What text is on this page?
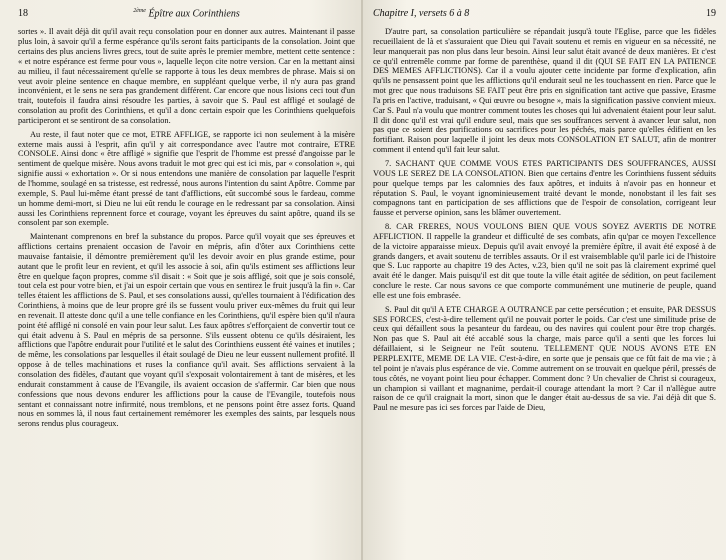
18	$^{2ème}$ Épître aux Corinthiens

sortes ». Il avait déjà dit qu'il avait reçu consolation pour en donner aux autres. Maintenant il passe plus loin, à savoir qu'il a ferme espérance qu'ils seront faits participants de la consolation. Joint que certains des plus anciens livres grecs, tout de suite après le premier membre, mettent cette sentence : « et notre espérance est ferme pour vous », laquelle leçon cite notre version. Car en la mettant ainsi au milieu, il faut nécessairement qu'elle se rapporte à tous les deux membres de phrase. Mais si on veut avoir pleine sentence en chaque membre, en suppléant quelque verbe, il n'y aura pas grand inconvénient, et le sens ne sera pas grandement différent. Car encore que nous lisions ceci tout d'un trait, toutefois il faudra ainsi résoudre les parties, à savoir que S. Paul est affligé et soulagé de consolation au profit des Corinthiens, et qu'il a donc certain espoir que les Corinthiens quelquefois participeront et se sentiront de sa consolation.

Au reste, il faut noter que ce mot, ETRE AFFLIGE, se rapporte ici non seulement à la misère externe mais aussi à l'esprit, afin qu'il y ait correspondance avec l'autre mot contraire, ETRE CONSOLE. Ainsi donc « être affligé » signifie que l'esprit de l'homme est pressé d'angoisse par le sentiment de quelque misère. Nous avons traduit le mot grec qui est ici mis, par « consolation », qui signifie aussi « exhortation ». Or si nous entendons une manière de consolation par laquelle l'esprit de l'homme, soulagé en sa tristesse, est redressé, nous aurons l'intention du saint Apôtre. Comme par exemple, S. Paul lui-même étant pressé de tant d'afflictions, eût succombé sous le fardeau, comme un homme demi-mort, si Dieu ne lui eût rendu le courage en le redressant par sa consolation. Ainsi aussi les Corinthiens reprennent force et courage, voyant les épreuves du saint apôtre, quand ils se consolent par son exemple.

Maintenant comprenons en bref la substance du propos. Parce qu'il voyait que ses épreuves et afflictions certains prenaient occasion de l'avoir en mépris, afin d'ôter aux Corinthiens cette mauvaise fantaisie, il démontre premièrement qu'il les devoir avoir en plus grande estime, pour autant que le profit leur en revient, et qu'il les associe à soi, afin qu'ils estiment ses afflictions leur être en quelque façon propres, comme s'il disait : « Soit que je sois affligé, soit que je sois consolé, tout cela est pour votre bien, et j'ai un espoir certain que vous en sentirez le fruit jusqu'à la fin ». Car telles étaient les afflictions de S. Paul, et ses consolations aussi, qu'elles tournaient à l'édification des Corinthiens, à moins que de leur propre gré ils se fussent voulu priver eux-mêmes du fruit qui leur en revenait. Il atteste donc qu'il a une telle confiance en les Corinthiens, qu'il espère bien qu'il n'aura point été affligé ni consolé en vain pour leur salut. Les faux apôtres s'efforçaient de convertir tout ce qui était advenu à S. Paul en mépris de sa personne. S'ils eussent obtenu ce qu'ils désiraient, les afflictions que l'apôtre endurait pour l'utilité et le salut des Corinthiens eussent été vaines et inutiles ; de même, les consolations par lesquelles il était soulagé de Dieu ne leur eussent nullement profité. Il oppose à de telles machinations et ruses la confiance qu'il avait. Ses afflictions servaient à la consolation des fidèles, d'autant que voyant qu'il s'exposait volontairement à tant de misères, et les endurait constamment à cause de l'Evangile, ils avaient occasion de s'affermir. Car bien que nous confessions que nous devons endurer les afflictions pour la cause de l'Evangile, toutefois nous sentant et connaissant notre infirmité, nous tremblons, et ne pensons point être assez forts. Quand nous en sommes là, il nous faut certainement remémorer les exemples des saints, par lesquels nous serons rendus plus courageux.

Chapitre I, versets 6 à 8	19

D'autre part, sa consolation particulière se répandait jusqu'à toute l'Eglise, parce que les fidèles recueillaient de là et s'assuraient que Dieu qui l'avait soutenu et remis en vigueur en sa nécessité, ne leur manquerait pas non plus dans leur besoin. Ainsi leur salut était avancé de deux manières. Et c'est ce qu'il entremêle comme par forme de parenthèse, quand il dit (QUI SE FAIT EN LA PATIENCE DES MEMES AFFLICTIONS). Car il a voulu ajouter cette incidente par forme d'explication, afin qu'ils ne pensassent point que les afflictions qu'il endurait seul ne les touchassent en rien. Parce que le mot grec que nous traduisons SE FAIT peut être pris en signification tant active que passive, Erasme l'a pris en l'active, traduisant, « Qui œuvre ou besogne », mais la signification passive convient mieux. Car S. Paul n'a voulu que montrer comment toutes les choses qui lui advenaient étaient pour leur salut. Il dit donc qu'il est vrai qu'il endure seul, mais que ses souffrances servent à avancer leur salut, non pas que ce soient des purifications ou sacrifices pour les péchés, mais parce qu'elles édifient en les fortifiant. Raison pour laquelle il joint les deux mots CONSOLATION ET SALUT, afin de montrer comment il entend qu'il fait leur salut.

7. SACHANT QUE COMME VOUS ETES PARTICIPANTS DES SOUFFRANCES, AUSSI VOUS LE SEREZ DE LA CONSOLATION. Bien que certains d'entre les Corinthiens fussent séduits pour quelque temps par les calomnies des faux apôtres, et induits à n'avoir pas en honneur et réputation S. Paul, le voyant ignominieusement traité devant le monde, nonobstant il les fait ses compagnons tant en participation de ses afflictions que de l'espoir de consolation, corrigeant leur fausse et perverse opinion, sans les blâmer ouvertement.

8. CAR FRERES, NOUS VOULONS BIEN QUE VOUS SOYEZ AVERTIS DE NOTRE AFFLICTION. Il rappelle la grandeur et difficulté de ses combats, afin qu'par ce moyen l'excellence de la victoire apparaisse mieux. Depuis qu'il avait envoyé la première épître, il avait été exposé à de grands dangers, et avait soutenu de terribles assauts. Or il est vraisemblable qu'il parle ici de l'histoire que S. Luc rapporte au chapitre 19 des Actes, v.23, bien qu'il ne soit pas là clairement exprimé quel avait été le danger. Mais puisqu'il est dit que toute la ville était agitée de sédition, on peut facilement conclure le reste. Car nous savons ce que comporte communément une mutinerie de peuple, quand elle est une fois embrasée.

S. Paul dit qu'il A ETE CHARGE A OUTRANCE par cette persécution ; et ensuite, PAR DESSUS SES FORCES, c'est-à-dire tellement qu'il ne pouvait porter le poids. Car c'est une similitude prise de ceux qui défaillent sous la pesanteur du fardeau, ou des navires qui coulent pour être trop chargés. Non pas que S. Paul ait été accablé sous la charge, mais parce qu'il a senti que les forces lui défaillaient, si le Seigneur ne l'eût soutenu. TELLEMENT QUE NOUS AVONS ETE EN PERPLEXITE, MEME DE LA VIE. C'est-à-dire, en sorte que je pensais que ce fût fait de ma vie ; à tel point je n'avais plus espérance de vie. Comme autrement on se trouvait en quelque péril, pressés de tous côtés, ne voyant point lieu pour échapper. Comment donc ? Un chevalier de Christ si courageux, un champion si vaillant et magnanime, perdait-il courage attendant la mort ? Car il n'allègue autre raison de ce qu'il craignait la mort, sinon que le danger était au-dessus de sa vie. J'ai déjà dit que S. Paul ne mesure pas ici ses forces par l'aide de Dieu,
